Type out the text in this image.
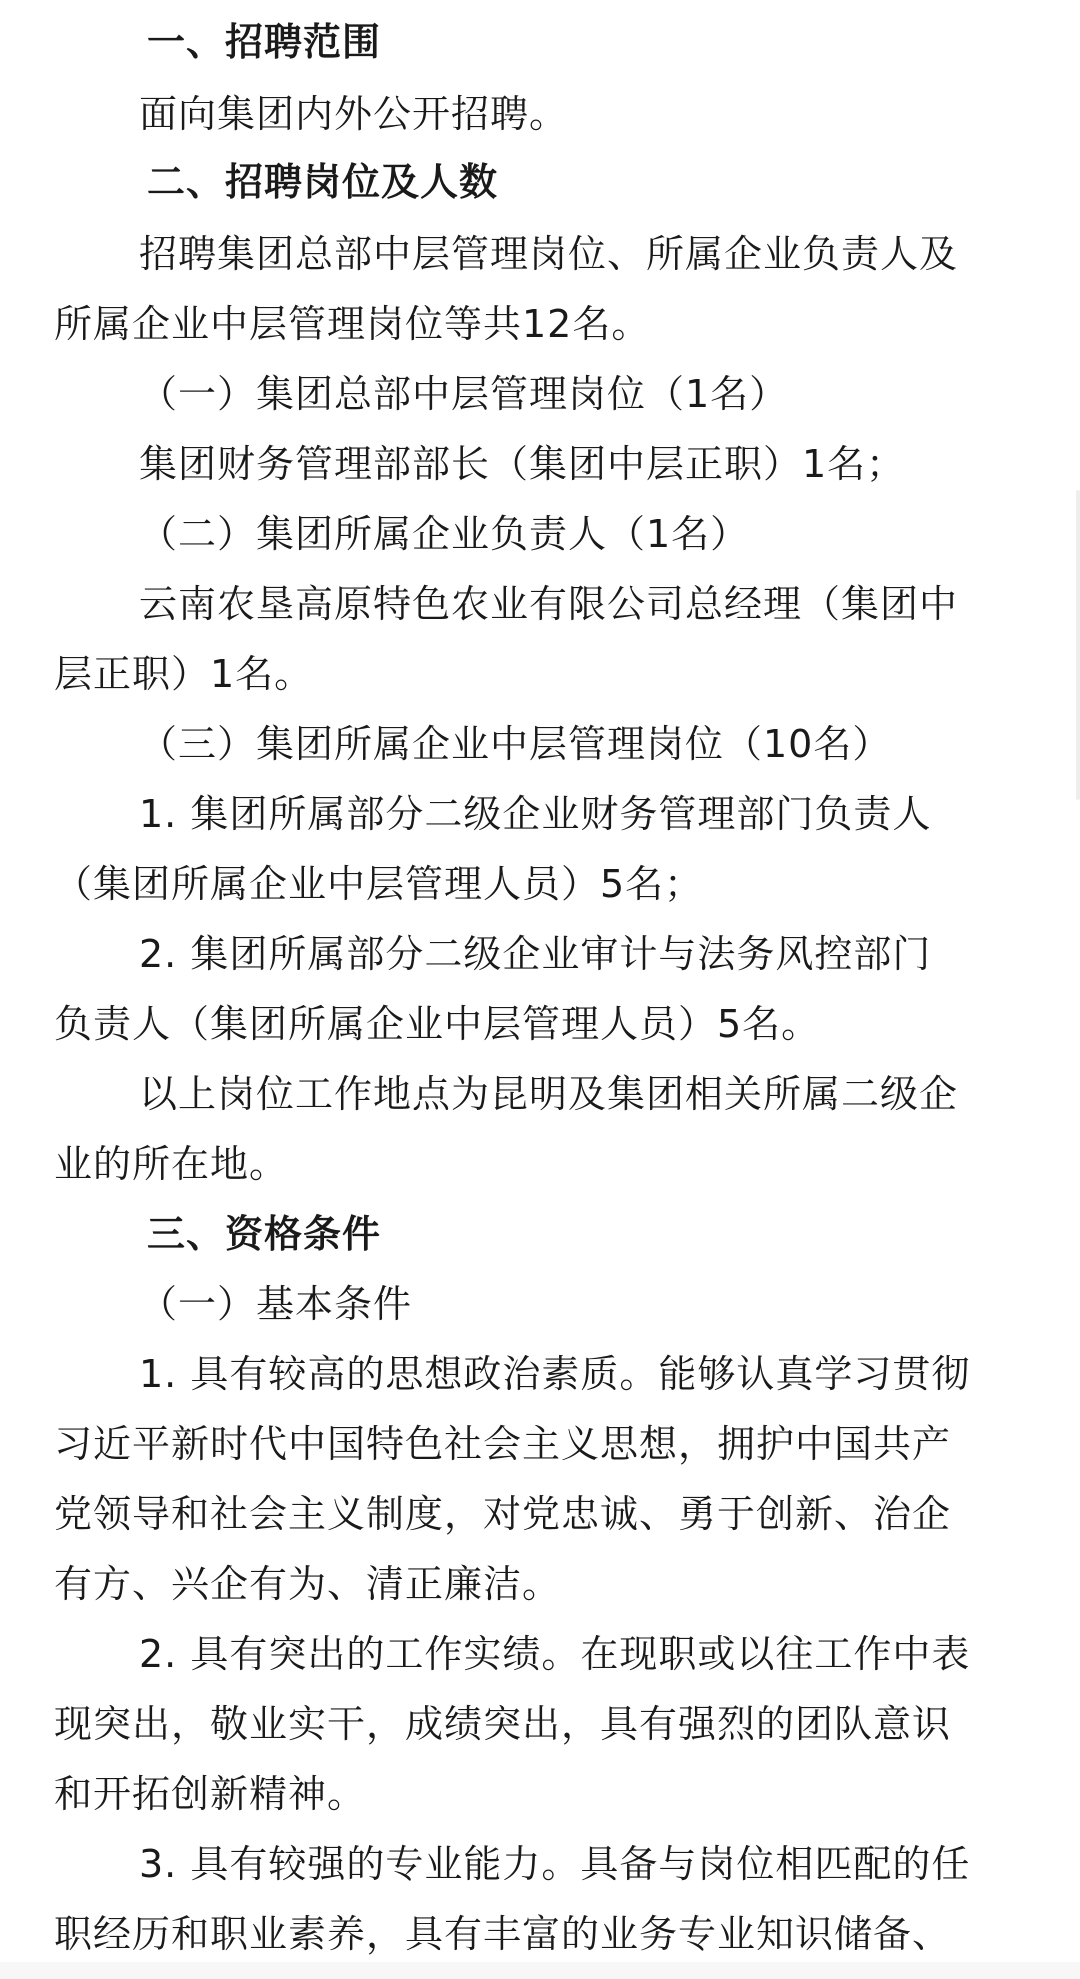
一、招聘范围
面向集团内外公开招聘。
二、招聘岗位及人数
招聘集团总部中层管理岗位、所属企业负责人及
所属企业中层管理岗位等共12名。
（一）集团总部中层管理岗位（1名）
集团财务管理部部长（集团中层正职）1名；
（二）集团所属企业负责人（1名）
云南农垦高原特色农业有限公司总经理（集团中
层正职）1名。
（三）集团所属企业中层管理岗位（10名）
1. 集团所属部分二级企业财务管理部门负责人
（集团所属企业中层管理人员）5名；
2. 集团所属部分二级企业审计与法务风控部门
负责人（集团所属企业中层管理人员）5名。
以上岗位工作地点为昆明及集团相关所属二级企
业的所在地。
三、资格条件
（一）基本条件
1. 具有较高的思想政治素质。能够认真学习贯彻
习近平新时代中国特色社会主义思想，拥护中国共产
党领导和社会主义制度，对党忠诚、勇于创新、治企
有方、兴企有为、清正廉洁。
2. 具有突出的工作实绩。在现职或以往工作中表
现突出，敬业实干，成绩突出，具有强烈的团队意识
和开拓创新精神。
3. 具有较强的专业能力。具备与岗位相匹配的任
职经历和职业素养，具有丰富的业务专业知识储备、
